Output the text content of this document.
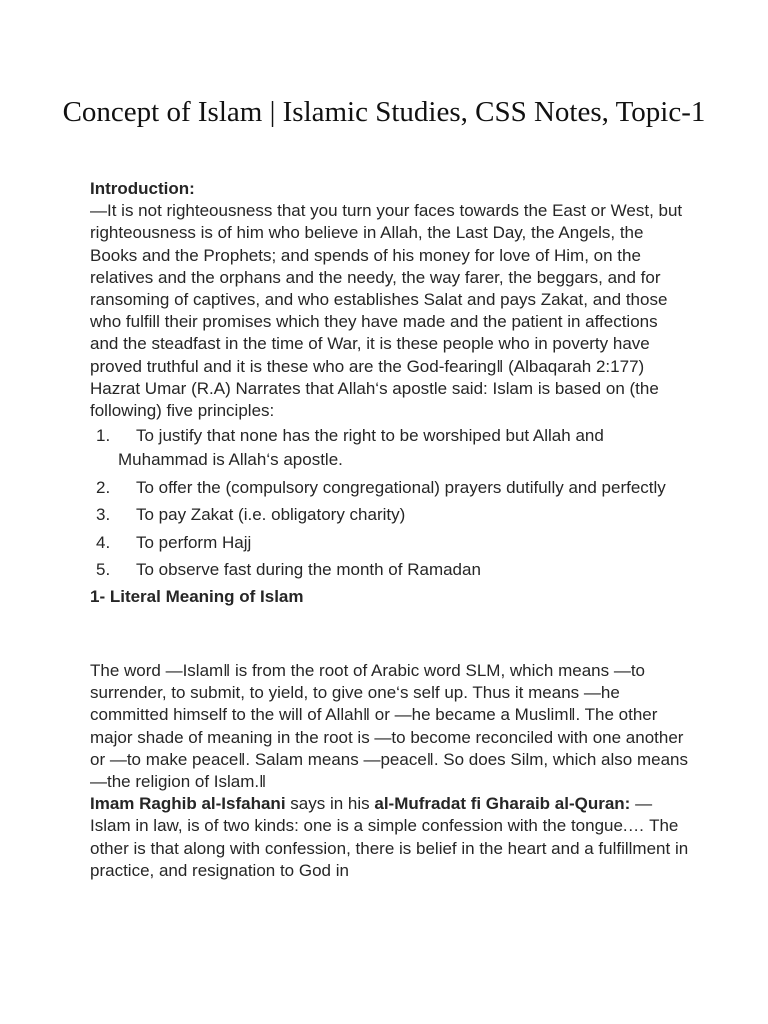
Concept of Islam | Islamic Studies, CSS Notes, Topic-1

Introduction:

—It is not righteousness that you turn your faces towards the East or West, but righteousness is of him who believe in Allah, the Last Day, the Angels, the Books and the Prophets; and spends of his money for love of Him, on the relatives and the orphans and the needy, the way farer, the beggars, and for ransoming of captives, and who establishes Salat and pays Zakat, and those who fulfill their promises which they have made and the patient in affections and the steadfast in the time of War, it is these people who in poverty have proved truthful and it is these who are the God-fearing‖ (Albaqarah 2:177)

Hazrat Umar (R.A) Narrates that Allah‘s apostle said: Islam is based on (the following) five principles:

1. To justify that none has the right to be worshiped but Allah and Muhammad is Allah‘s apostle.
2. To offer the (compulsory congregational) prayers dutifully and perfectly
3. To pay Zakat (i.e. obligatory charity)
4. To perform Hajj
5. To observe fast during the month of Ramadan

1- Literal Meaning of Islam

The word —Islam‖ is from the root of Arabic word SLM, which means —to surrender, to submit, to yield, to give one‘s self up. Thus it means —he committed himself to the will of Allah‖ or —he became a Muslim‖. The other major shade of meaning in the root is —to become reconciled with one another or —to make peace‖. Salam means —peace‖. So does Silm, which also means —the religion of Islam.‖

Imam Raghib al-Isfahani says in his al-Mufradat fi Gharaib al-Quran: —Islam in law, is of two kinds: one is a simple confession with the tongue.… The other is that along with confession, there is belief in the heart and a fulfillment in practice, and resignation to God in
